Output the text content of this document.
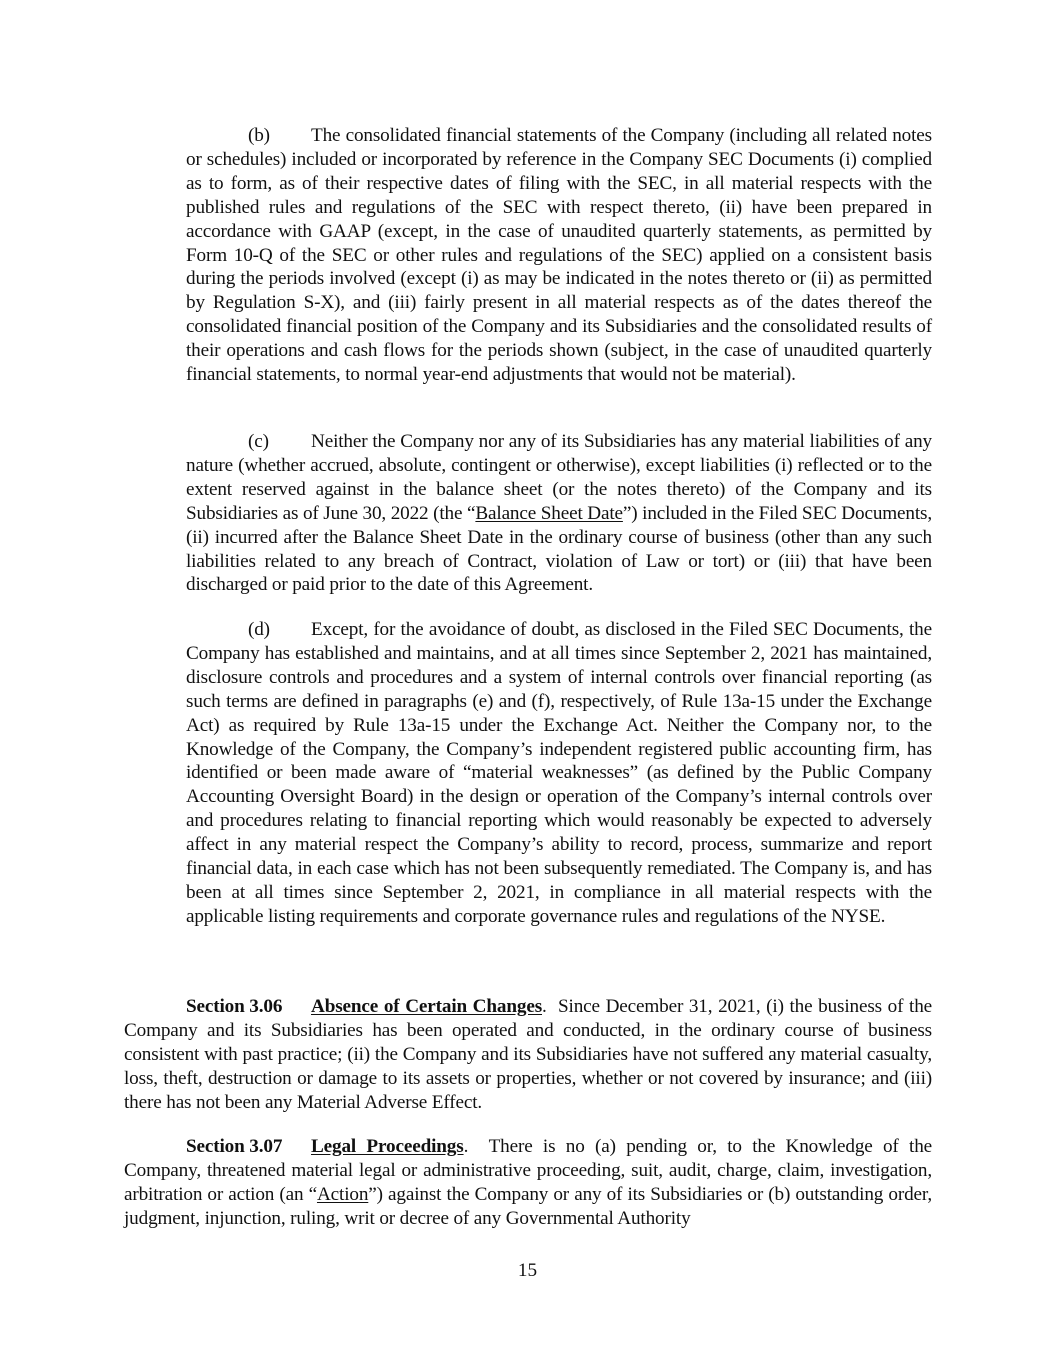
(b) The consolidated financial statements of the Company (including all related notes or schedules) included or incorporated by reference in the Company SEC Documents (i) complied as to form, as of their respective dates of filing with the SEC, in all material respects with the published rules and regulations of the SEC with respect thereto, (ii) have been prepared in accordance with GAAP (except, in the case of unaudited quarterly statements, as permitted by Form 10-Q of the SEC or other rules and regulations of the SEC) applied on a consistent basis during the periods involved (except (i) as may be indicated in the notes thereto or (ii) as permitted by Regulation S-X), and (iii) fairly present in all material respects as of the dates thereof the consolidated financial position of the Company and its Subsidiaries and the consolidated results of their operations and cash flows for the periods shown (subject, in the case of unaudited quarterly financial statements, to normal year-end adjustments that would not be material).

(c) Neither the Company nor any of its Subsidiaries has any material liabilities of any nature (whether accrued, absolute, contingent or otherwise), except liabilities (i) reflected or to the extent reserved against in the balance sheet (or the notes thereto) of the Company and its Subsidiaries as of June 30, 2022 (the “Balance Sheet Date”) included in the Filed SEC Documents, (ii) incurred after the Balance Sheet Date in the ordinary course of business (other than any such liabilities related to any breach of Contract, violation of Law or tort) or (iii) that have been discharged or paid prior to the date of this Agreement.

(d) Except, for the avoidance of doubt, as disclosed in the Filed SEC Documents, the Company has established and maintains, and at all times since September 2, 2021 has maintained, disclosure controls and procedures and a system of internal controls over financial reporting (as such terms are defined in paragraphs (e) and (f), respectively, of Rule 13a-15 under the Exchange Act) as required by Rule 13a-15 under the Exchange Act. Neither the Company nor, to the Knowledge of the Company, the Company’s independent registered public accounting firm, has identified or been made aware of “material weaknesses” (as defined by the Public Company Accounting Oversight Board) in the design or operation of the Company’s internal controls over and procedures relating to financial reporting which would reasonably be expected to adversely affect in any material respect the Company’s ability to record, process, summarize and report financial data, in each case which has not been subsequently remediated. The Company is, and has been at all times since September 2, 2021, in compliance in all material respects with the applicable listing requirements and corporate governance rules and regulations of the NYSE.

Section 3.06 Absence of Certain Changes. Since December 31, 2021, (i) the business of the Company and its Subsidiaries has been operated and conducted, in the ordinary course of business consistent with past practice; (ii) the Company and its Subsidiaries have not suffered any material casualty, loss, theft, destruction or damage to its assets or properties, whether or not covered by insurance; and (iii) there has not been any Material Adverse Effect.

Section 3.07 Legal Proceedings. There is no (a) pending or, to the Knowledge of the Company, threatened material legal or administrative proceeding, suit, audit, charge, claim, investigation, arbitration or action (an “Action”) against the Company or any of its Subsidiaries or (b) outstanding order, judgment, injunction, ruling, writ or decree of any Governmental Authority

15
